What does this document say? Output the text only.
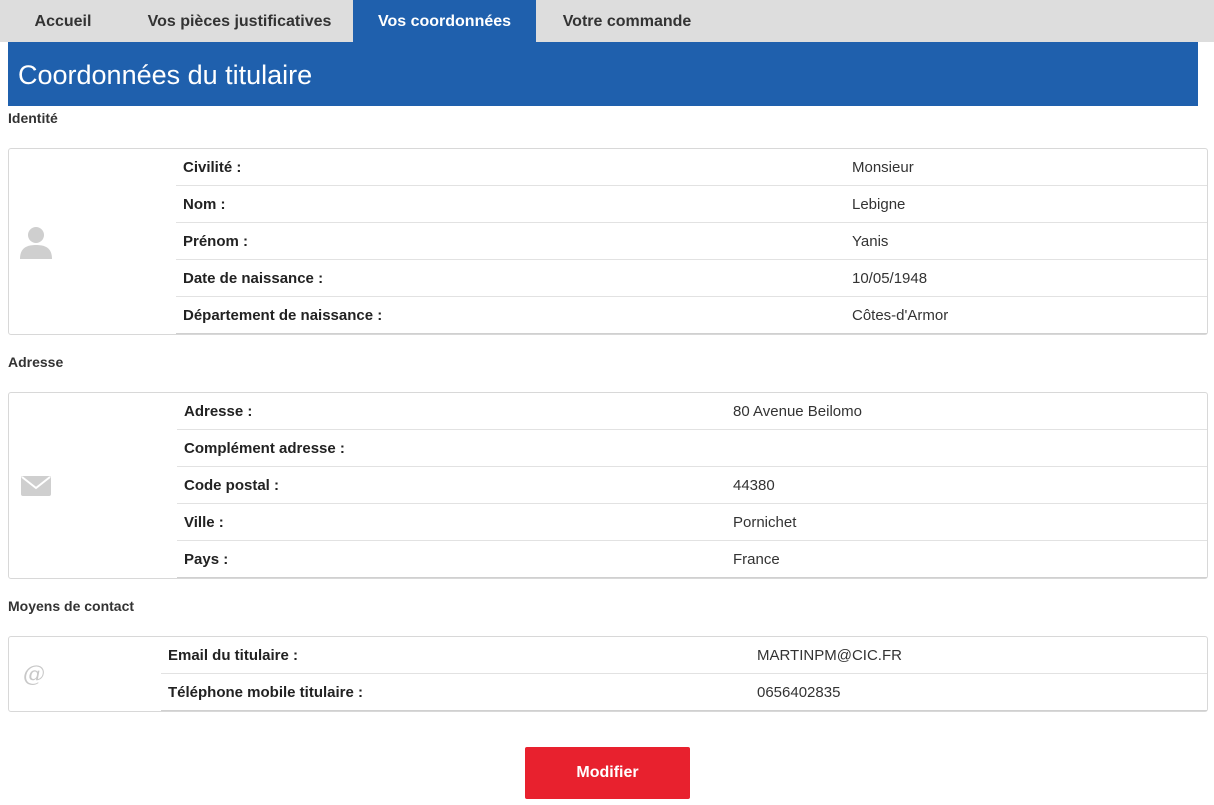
Accueil	Vos pièces justificatives	Vos coordonnées	Votre commande
Coordonnées du titulaire
Identité
Civilité :	Monsieur
Nom :	Lebigne
Prénom :	Yanis
Date de naissance :	10/05/1948
Département de naissance :	Côtes-d'Armor
Adresse
Adresse :	80 Avenue Beilomo
Complément adresse :
Code postal :	44380
Ville :	Pornichet
Pays :	France
Moyens de contact
@
Email du titulaire :	MARTINPM@CIC.FR
Téléphone mobile titulaire :	0656402835
Modifier
